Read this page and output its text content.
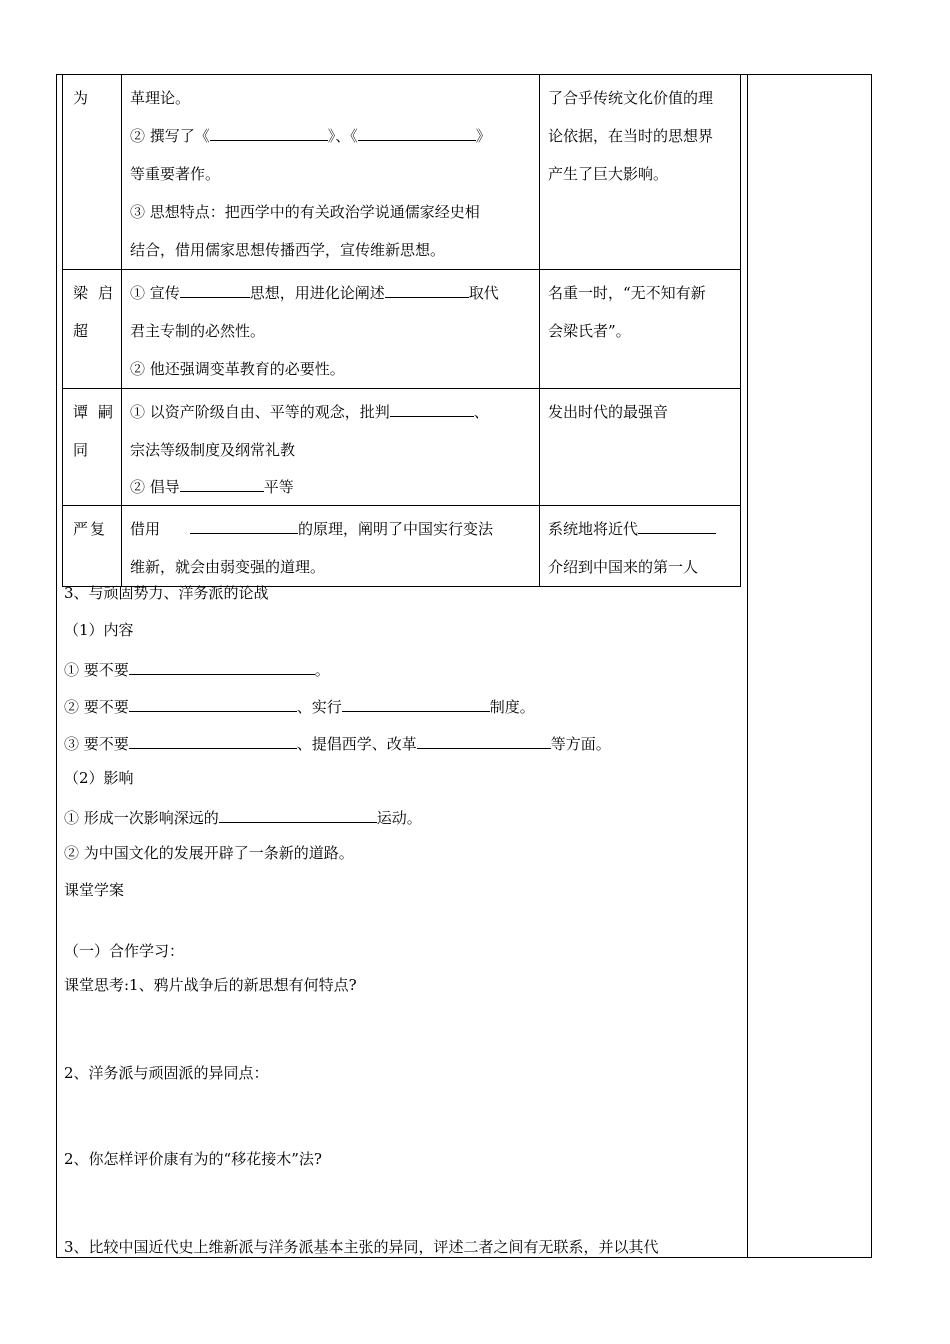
为	革理论。
② 撰写了《 》、《 》
等重要著作。
③ 思想特点：把西学中的有关政治学说通儒家经史相
结合，借用儒家思想传播西学，宣传维新思想。	了合乎传统文化价值的理
论依据，在当时的思想界
产生了巨大影响。

梁启
超	① 宣传 思想，用进化论阐述 取代
君主专制的必然性。
② 他还强调变革教育的必要性。	名重一时，“无不知有新
会梁氏者”。

谭嗣
同	① 以资产阶级自由、平等的观念，批判 、
宗法等级制度及纲常礼教
② 倡导 平等	发出时代的最强音

严复	借用 的原理，阐明了中国实行变法
维新，就会由弱变强的道理。	系统地将近代
介绍到中国来的第一人
3、与顽固势力、洋务派的论战
（1）内容
① 要不要	。
② 要不要	、实行	制度。
③ 要不要	、提倡西学、改革	等方面。
（2）影响
① 形成一次影响深远的	运动。
② 为中国文化的发展开辟了一条新的道路。
课堂学案
（一）合作学习：
课堂思考:1、鸦片战争后的新思想有何特点?
2、洋务派与顽固派的异同点：
2、你怎样评价康有为的“移花接木”法?
3、比较中国近代史上维新派与洋务派基本主张的异同，评述二者之间有无联系，并以其代
